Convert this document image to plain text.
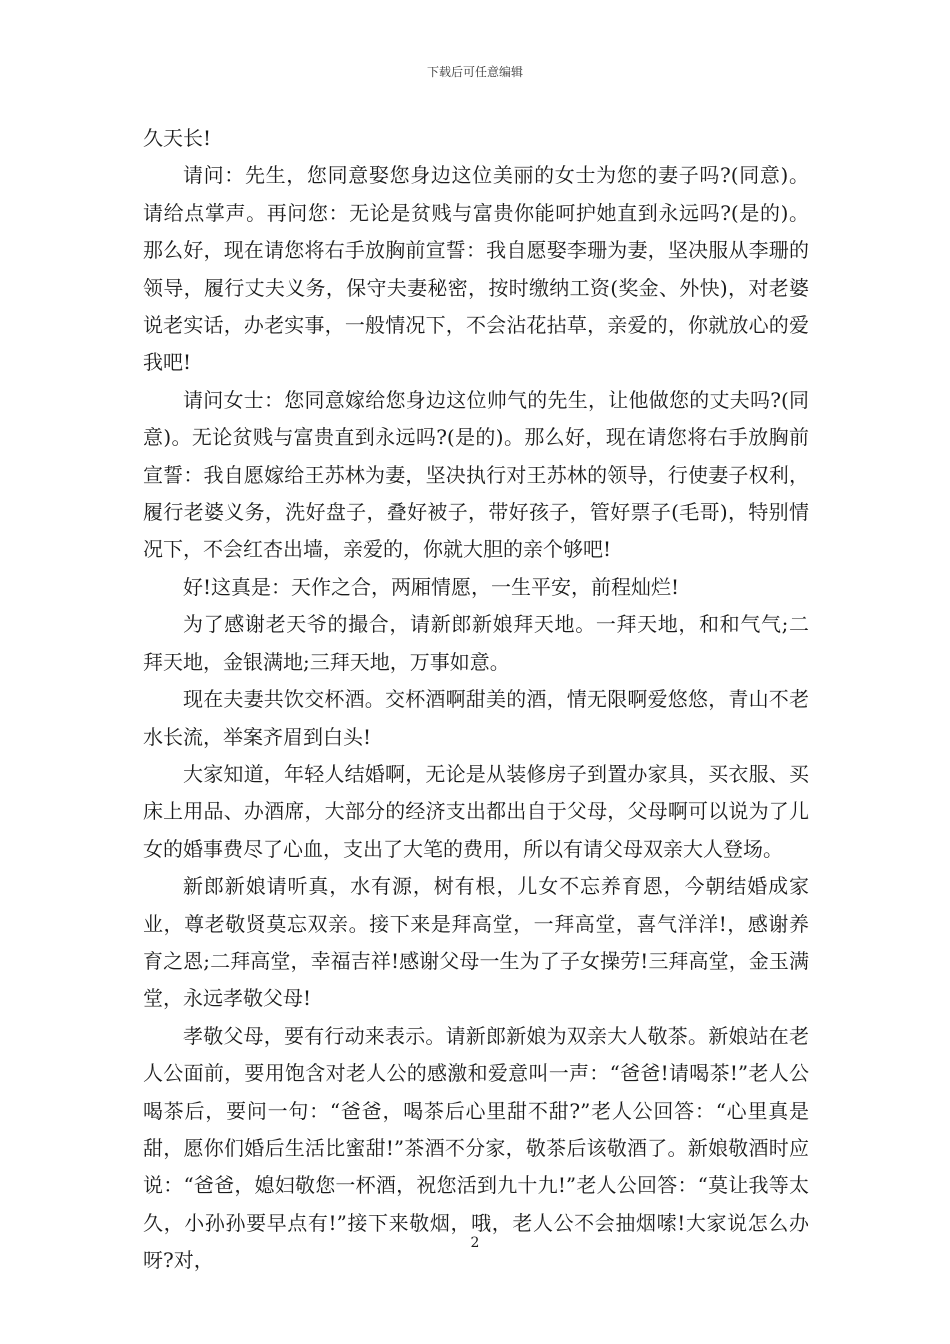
下载后可任意编辑

久天长!

请问：先生，您同意娶您身边这位美丽的女士为您的妻子吗?(同意)。请给点掌声。再问您：无论是贫贱与富贵你能呵护她直到永远吗?(是的)。那么好，现在请您将右手放胸前宣誓：我自愿娶李珊为妻，坚决服从李珊的领导，履行丈夫义务，保守夫妻秘密，按时缴纳工资(奖金、外快)，对老婆说老实话，办老实事，一般情况下，不会沾花拈草，亲爱的，你就放心的爱我吧!

请问女士：您同意嫁给您身边这位帅气的先生，让他做您的丈夫吗?(同意)。无论贫贱与富贵直到永远吗?(是的)。那么好，现在请您将右手放胸前宣誓：我自愿嫁给王苏林为妻，坚决执行对王苏林的领导，行使妻子权利，履行老婆义务，洗好盘子，叠好被子，带好孩子，管好票子(毛哥)，特别情况下，不会红杏出墙，亲爱的，你就大胆的亲个够吧!

好!这真是：天作之合，两厢情愿，一生平安，前程灿烂!

为了感谢老天爷的撮合，请新郎新娘拜天地。一拜天地，和和气气;二拜天地，金银满地;三拜天地，万事如意。

现在夫妻共饮交杯酒。交杯酒啊甜美的酒，情无限啊爱悠悠，青山不老水长流，举案齐眉到白头!

大家知道，年轻人结婚啊，无论是从装修房子到置办家具，买衣服、买床上用品、办酒席，大部分的经济支出都出自于父母，父母啊可以说为了儿女的婚事费尽了心血，支出了大笔的费用，所以有请父母双亲大人登场。

新郎新娘请听真，水有源，树有根，儿女不忘养育恩，今朝结婚成家业，尊老敬贤莫忘双亲。接下来是拜高堂，一拜高堂，喜气洋洋!，感谢养育之恩;二拜高堂，幸福吉祥!感谢父母一生为了子女操劳!三拜高堂，金玉满堂，永远孝敬父母!

孝敬父母，要有行动来表示。请新郎新娘为双亲大人敬茶。新娘站在老人公面前，要用饱含对老人公的感激和爱意叫一声：“爸爸!请喝茶!”老人公喝茶后，要问一句：“爸爸，喝茶后心里甜不甜?”老人公回答：“心里真是甜，愿你们婚后生活比蜜甜!”茶酒不分家，敬茶后该敬酒了。新娘敬酒时应说：“爸爸，媳妇敬您一杯酒，祝您活到九十九!”老人公回答：“莫让我等太久，小孙孙要早点有!”接下来敬烟，哦，老人公不会抽烟嗦!大家说怎么办呀?对，

2
